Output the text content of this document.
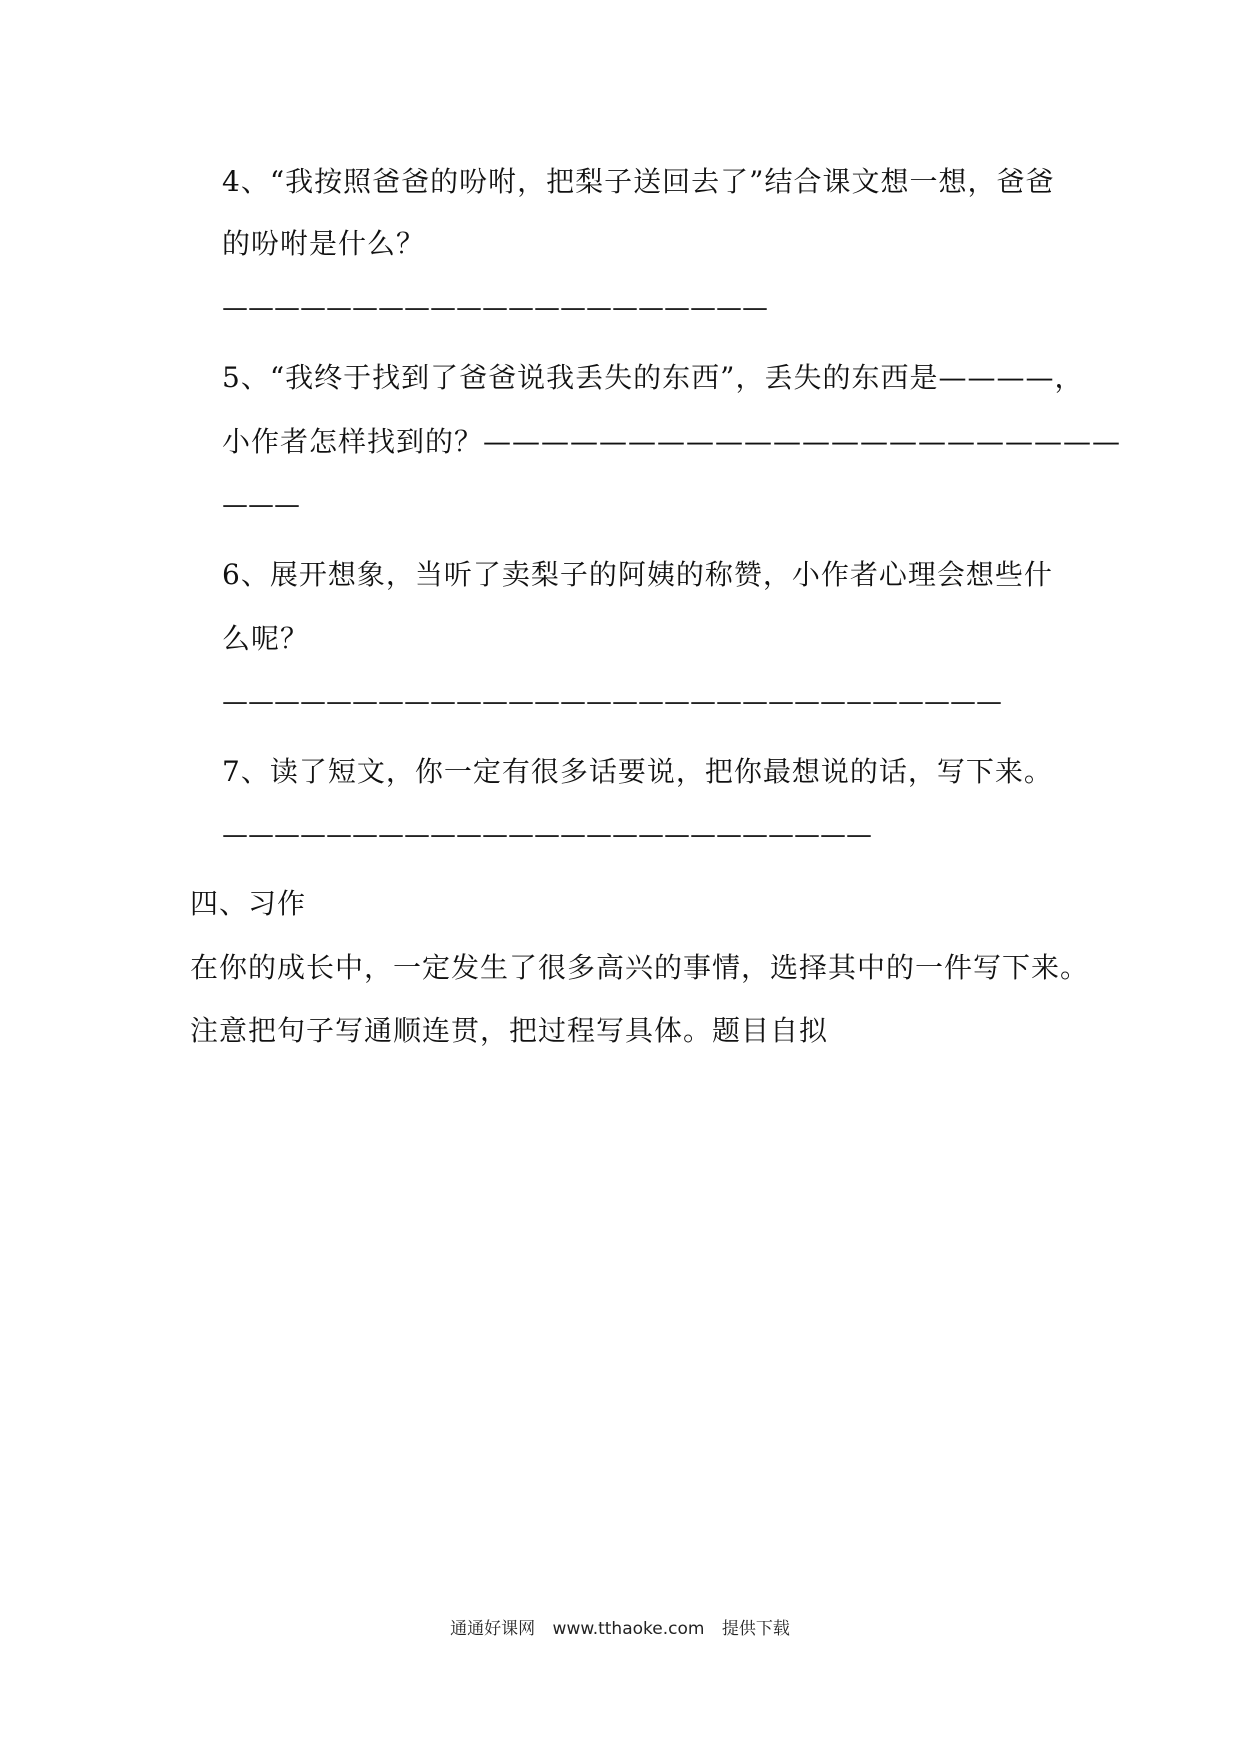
4、“我按照爸爸的吩咐，把梨子送回去了”结合课文想一想，爸爸
的吩咐是什么？
—————————————————————
5、“我终于找到了爸爸说我丢失的东西”，丢失的东西是————，
小作者怎样找到的？——————————————————————
———
6、展开想象，当听了卖梨子的阿姨的称赞，小作者心理会想些什
么呢？
——————————————————————————————
7、读了短文，你一定有很多话要说，把你最想说的话，写下来。
—————————————————————————
四、习作
在你的成长中，一定发生了很多高兴的事情，选择其中的一件写下来。
注意把句子写通顺连贯，把过程写具体。题目自拟
通通好课网 www.tthaoke.com 提供下载
